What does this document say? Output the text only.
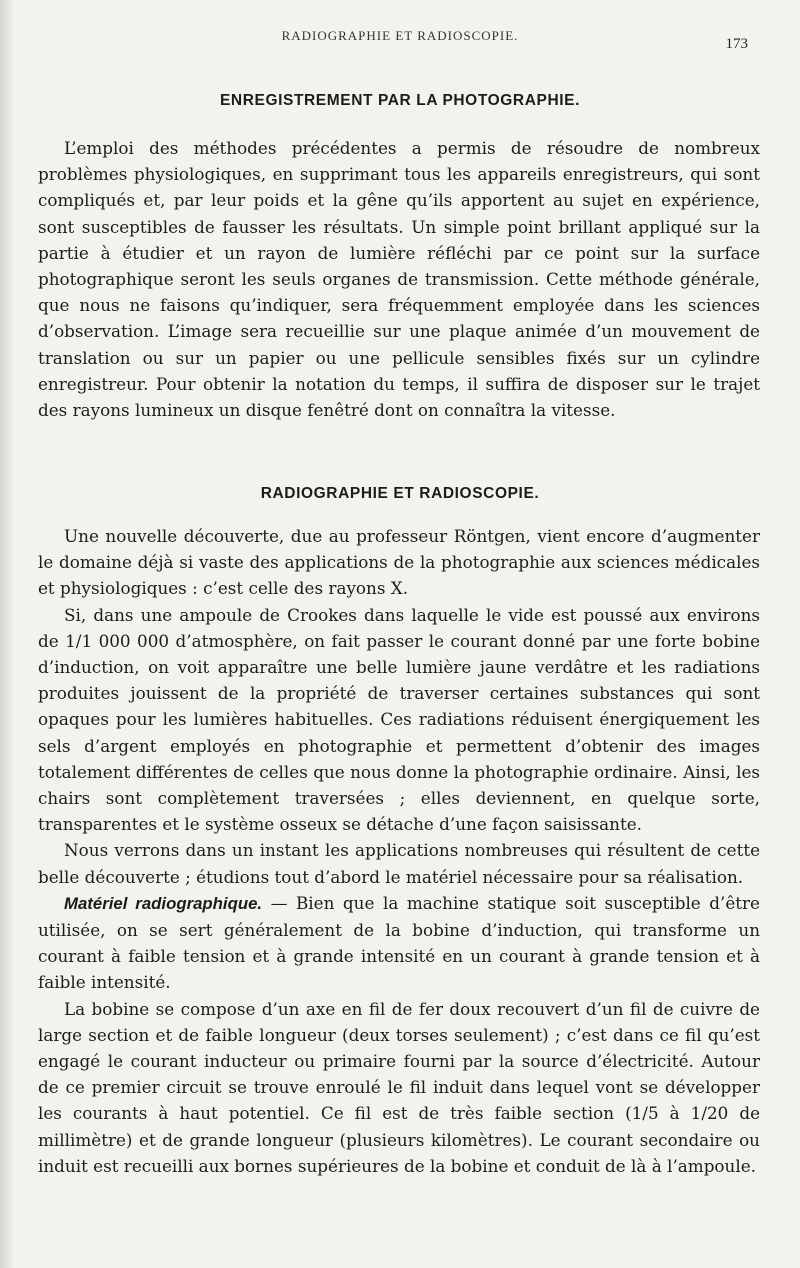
RADIOGRAPHIE ET RADIOSCOPIE.
173
ENREGISTREMENT PAR LA PHOTOGRAPHIE.

L’emploi des méthodes précédentes a permis de résoudre de nombreux problèmes physiologiques, en supprimant tous les appareils enregistreurs, qui sont compliqués et, par leur poids et la gêne qu’ils apportent au sujet en expérience, sont susceptibles de fausser les résultats. Un simple point brillant appliqué sur la partie à étudier et un rayon de lumière réfléchi par ce point sur la surface photographique seront les seuls organes de transmission. Cette méthode générale, que nous ne faisons qu’indiquer, sera fréquemment employée dans les sciences d’observation. L’image sera recueillie sur une plaque animée d’un mouvement de translation ou sur un papier ou une pellicule sensibles fixés sur un cylindre enregistreur. Pour obtenir la notation du temps, il suffira de disposer sur le trajet des rayons lumineux un disque fenêtré dont on connaîtra la vitesse.

RADIOGRAPHIE ET RADIOSCOPIE.

Une nouvelle découverte, due au professeur Röntgen, vient encore d’augmenter le domaine déjà si vaste des applications de la photographie aux sciences médicales et physiologiques : c’est celle des rayons X.

Si, dans une ampoule de Crookes dans laquelle le vide est poussé aux environs de 1/1 000 000 d’atmosphère, on fait passer le courant donné par une forte bobine d’induction, on voit apparaître une belle lumière jaune verdâtre et les radiations produites jouissent de la propriété de traverser certaines substances qui sont opaques pour les lumières habituelles. Ces radiations réduisent énergiquement les sels d’argent employés en photographie et permettent d’obtenir des images totalement différentes de celles que nous donne la photographie ordinaire. Ainsi, les chairs sont complètement traversées ; elles deviennent, en quelque sorte, transparentes et le système osseux se détache d’une façon saisissante.

Nous verrons dans un instant les applications nombreuses qui résultent de cette belle découverte ; étudions tout d’abord le matériel nécessaire pour sa réalisation.

Matériel radiographique. — Bien que la machine statique soit susceptible d’être utilisée, on se sert généralement de la bobine d’induction, qui transforme un courant à faible tension et à grande intensité en un courant à grande tension et à faible intensité.

La bobine se compose d’un axe en fil de fer doux recouvert d’un fil de cuivre de large section et de faible longueur (deux torses seulement) ; c’est dans ce fil qu’est engagé le courant inducteur ou primaire fourni par la source d’électricité. Autour de ce premier circuit se trouve enroulé le fil induit dans lequel vont se développer les courants à haut potentiel. Ce fil est de très faible section (1/5 à 1/20 de millimètre) et de grande longueur (plusieurs kilomètres). Le courant secondaire ou induit est recueilli aux bornes supérieures de la bobine et conduit de là à l’ampoule.
